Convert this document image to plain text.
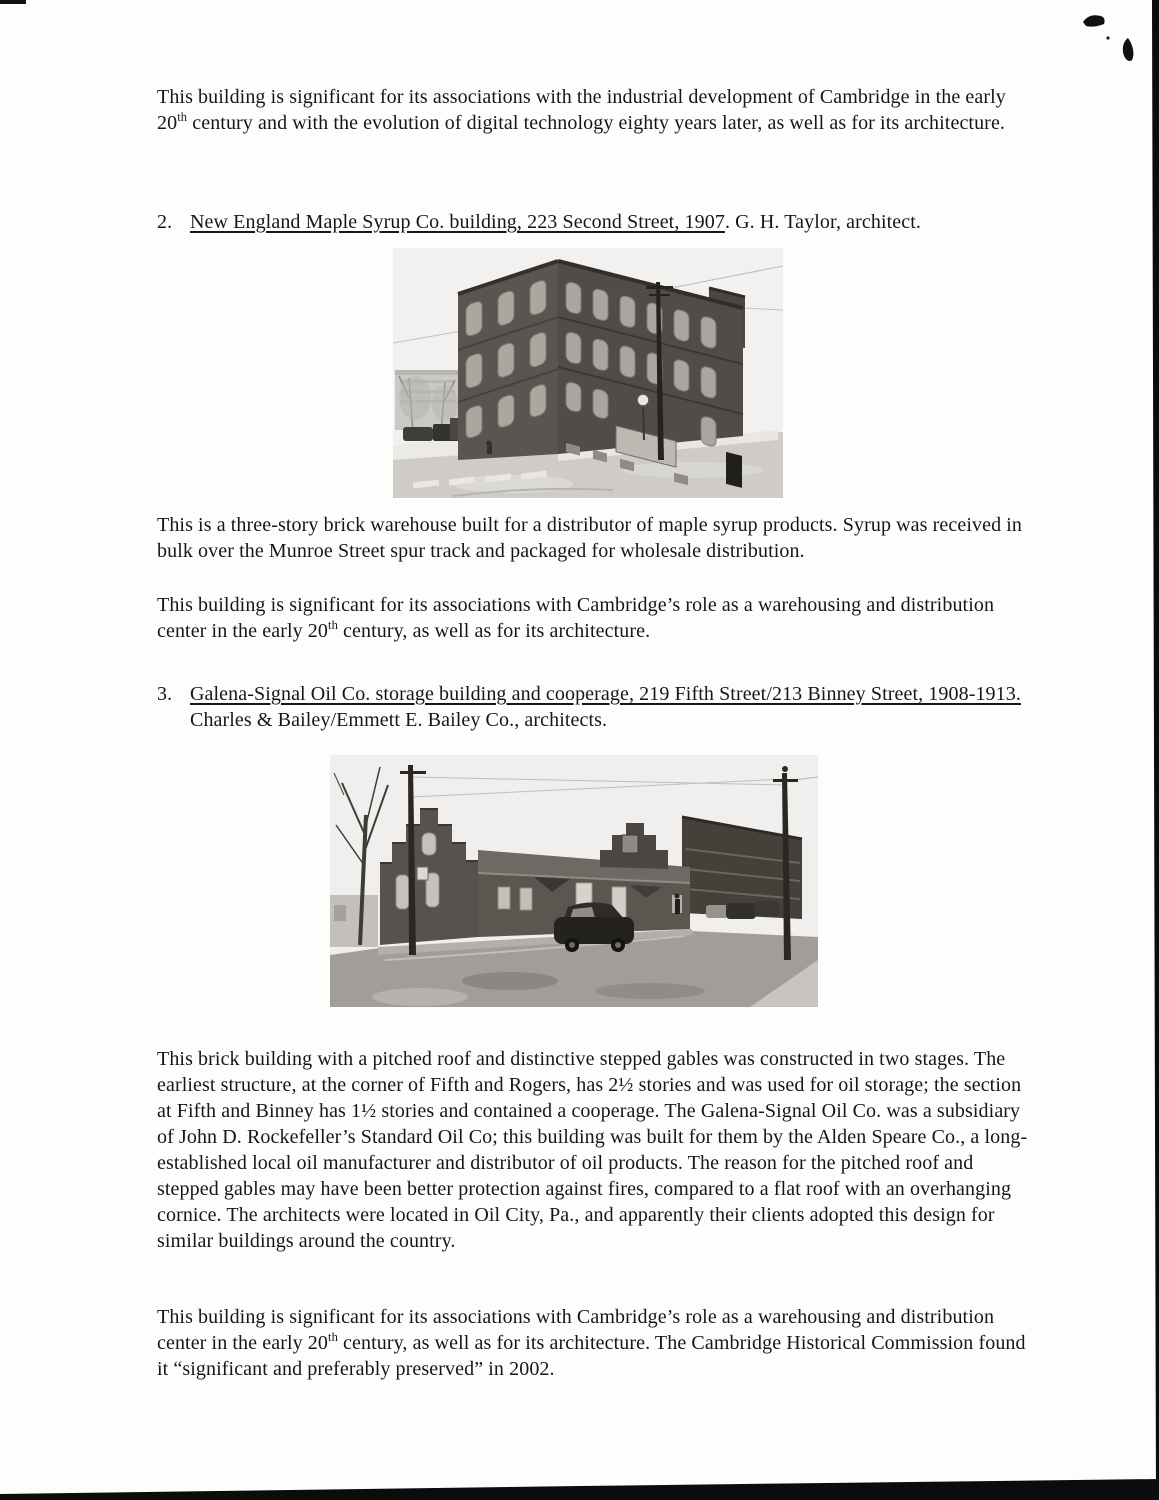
This building is significant for its associations with the industrial development of Cambridge in the early 20th century and with the evolution of digital technology eighty years later, as well as for its architecture.

2. New England Maple Syrup Co. building, 223 Second Street, 1907. G. H. Taylor, architect.

This is a three-story brick warehouse built for a distributor of maple syrup products. Syrup was received in bulk over the Munroe Street spur track and packaged for wholesale distribution.

This building is significant for its associations with Cambridge’s role as a warehousing and distribution center in the early 20th century, as well as for its architecture.

3. Galena-Signal Oil Co. storage building and cooperage, 219 Fifth Street/213 Binney Street, 1908-1913. Charles & Bailey/Emmett E. Bailey Co., architects.

This brick building with a pitched roof and distinctive stepped gables was constructed in two stages. The earliest structure, at the corner of Fifth and Rogers, has 2½ stories and was used for oil storage; the section at Fifth and Binney has 1½ stories and contained a cooperage. The Galena-Signal Oil Co. was a subsidiary of John D. Rockefeller’s Standard Oil Co; this building was built for them by the Alden Speare Co., a long-established local oil manufacturer and distributor of oil products. The reason for the pitched roof and stepped gables may have been better protection against fires, compared to a flat roof with an overhanging cornice. The architects were located in Oil City, Pa., and apparently their clients adopted this design for similar buildings around the country.

This building is significant for its associations with Cambridge’s role as a warehousing and distribution center in the early 20th century, as well as for its architecture. The Cambridge Historical Commission found it “significant and preferably preserved” in 2002.
